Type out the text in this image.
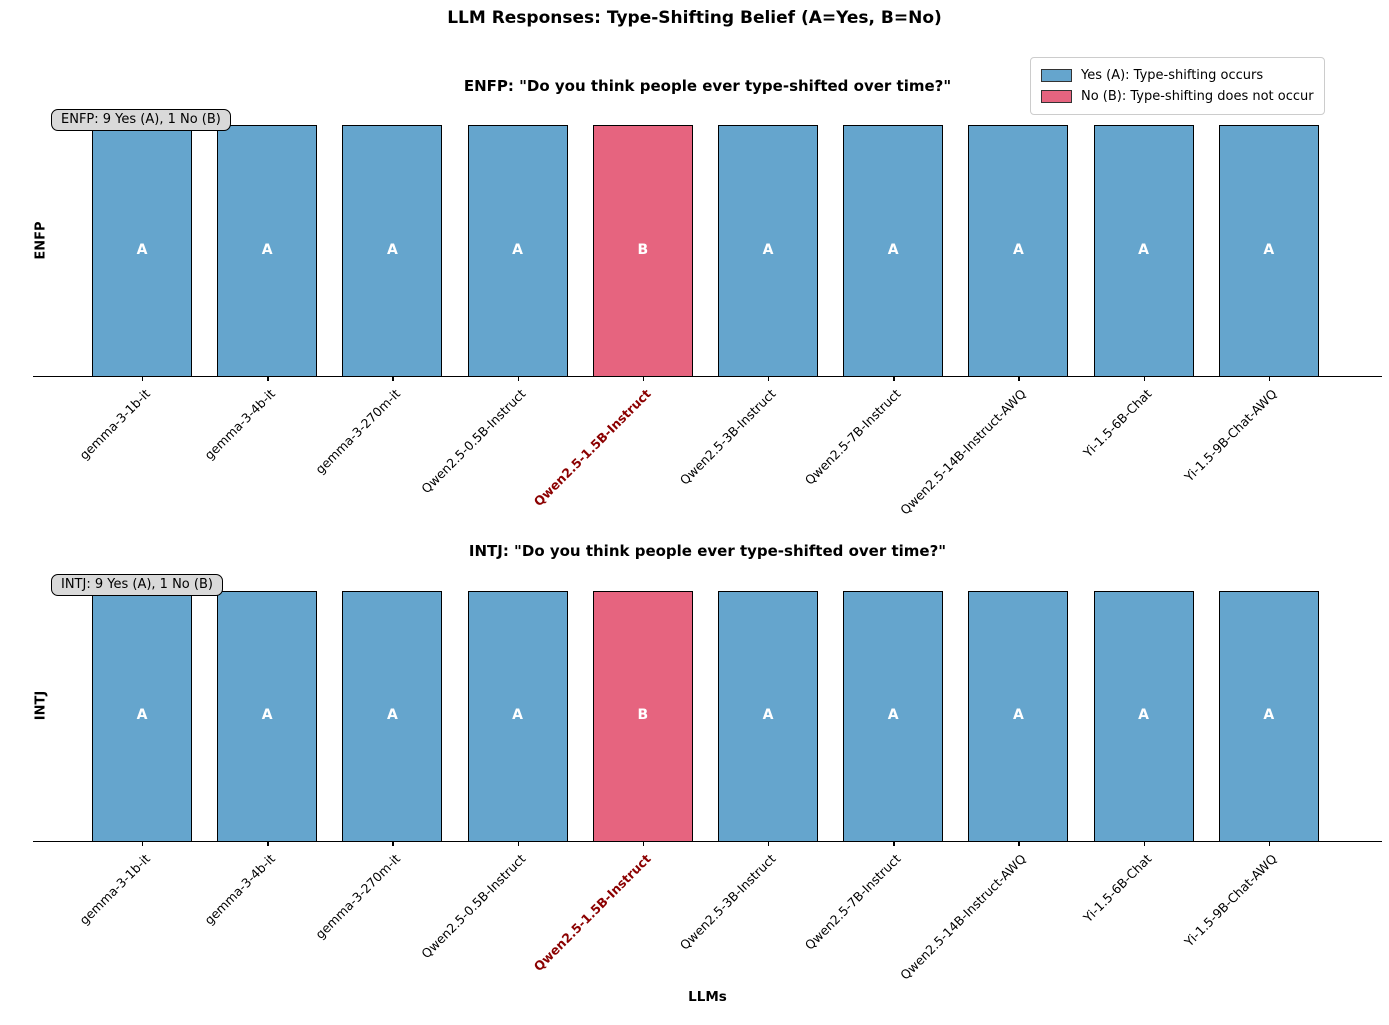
LLM Responses: Type-Shifting Belief (A=Yes, B=No)
Yes (A): Type-shifting occurs
No (B): Type-shifting does not occur
ENFP: "Do you think people ever type-shifted over time?"
ENFP: 9 Yes (A), 1 No (B)
ENFP	A
gemma-3-1b-it
A
gemma-3-4b-it
A
gemma-3-270m-it
A
Qwen2.5-0.5B-Instruct
B
Qwen2.5-1.5B-Instruct
A
Qwen2.5-3B-Instruct
A
Qwen2.5-7B-Instruct
A
Qwen2.5-14B-Instruct-AWQ
A
Yi-1.5-6B-Chat
A
Yi-1.5-9B-Chat-AWQ
INTJ: "Do you think people ever type-shifted over time?"
INTJ: 9 Yes (A), 1 No (B)
INTJ	A
gemma-3-1b-it
A
gemma-3-4b-it
A
gemma-3-270m-it
A
Qwen2.5-0.5B-Instruct
B
Qwen2.5-1.5B-Instruct
A
Qwen2.5-3B-Instruct
A
Qwen2.5-7B-Instruct
A
Qwen2.5-14B-Instruct-AWQ
A
Yi-1.5-6B-Chat
A
Yi-1.5-9B-Chat-AWQ
LLMs
